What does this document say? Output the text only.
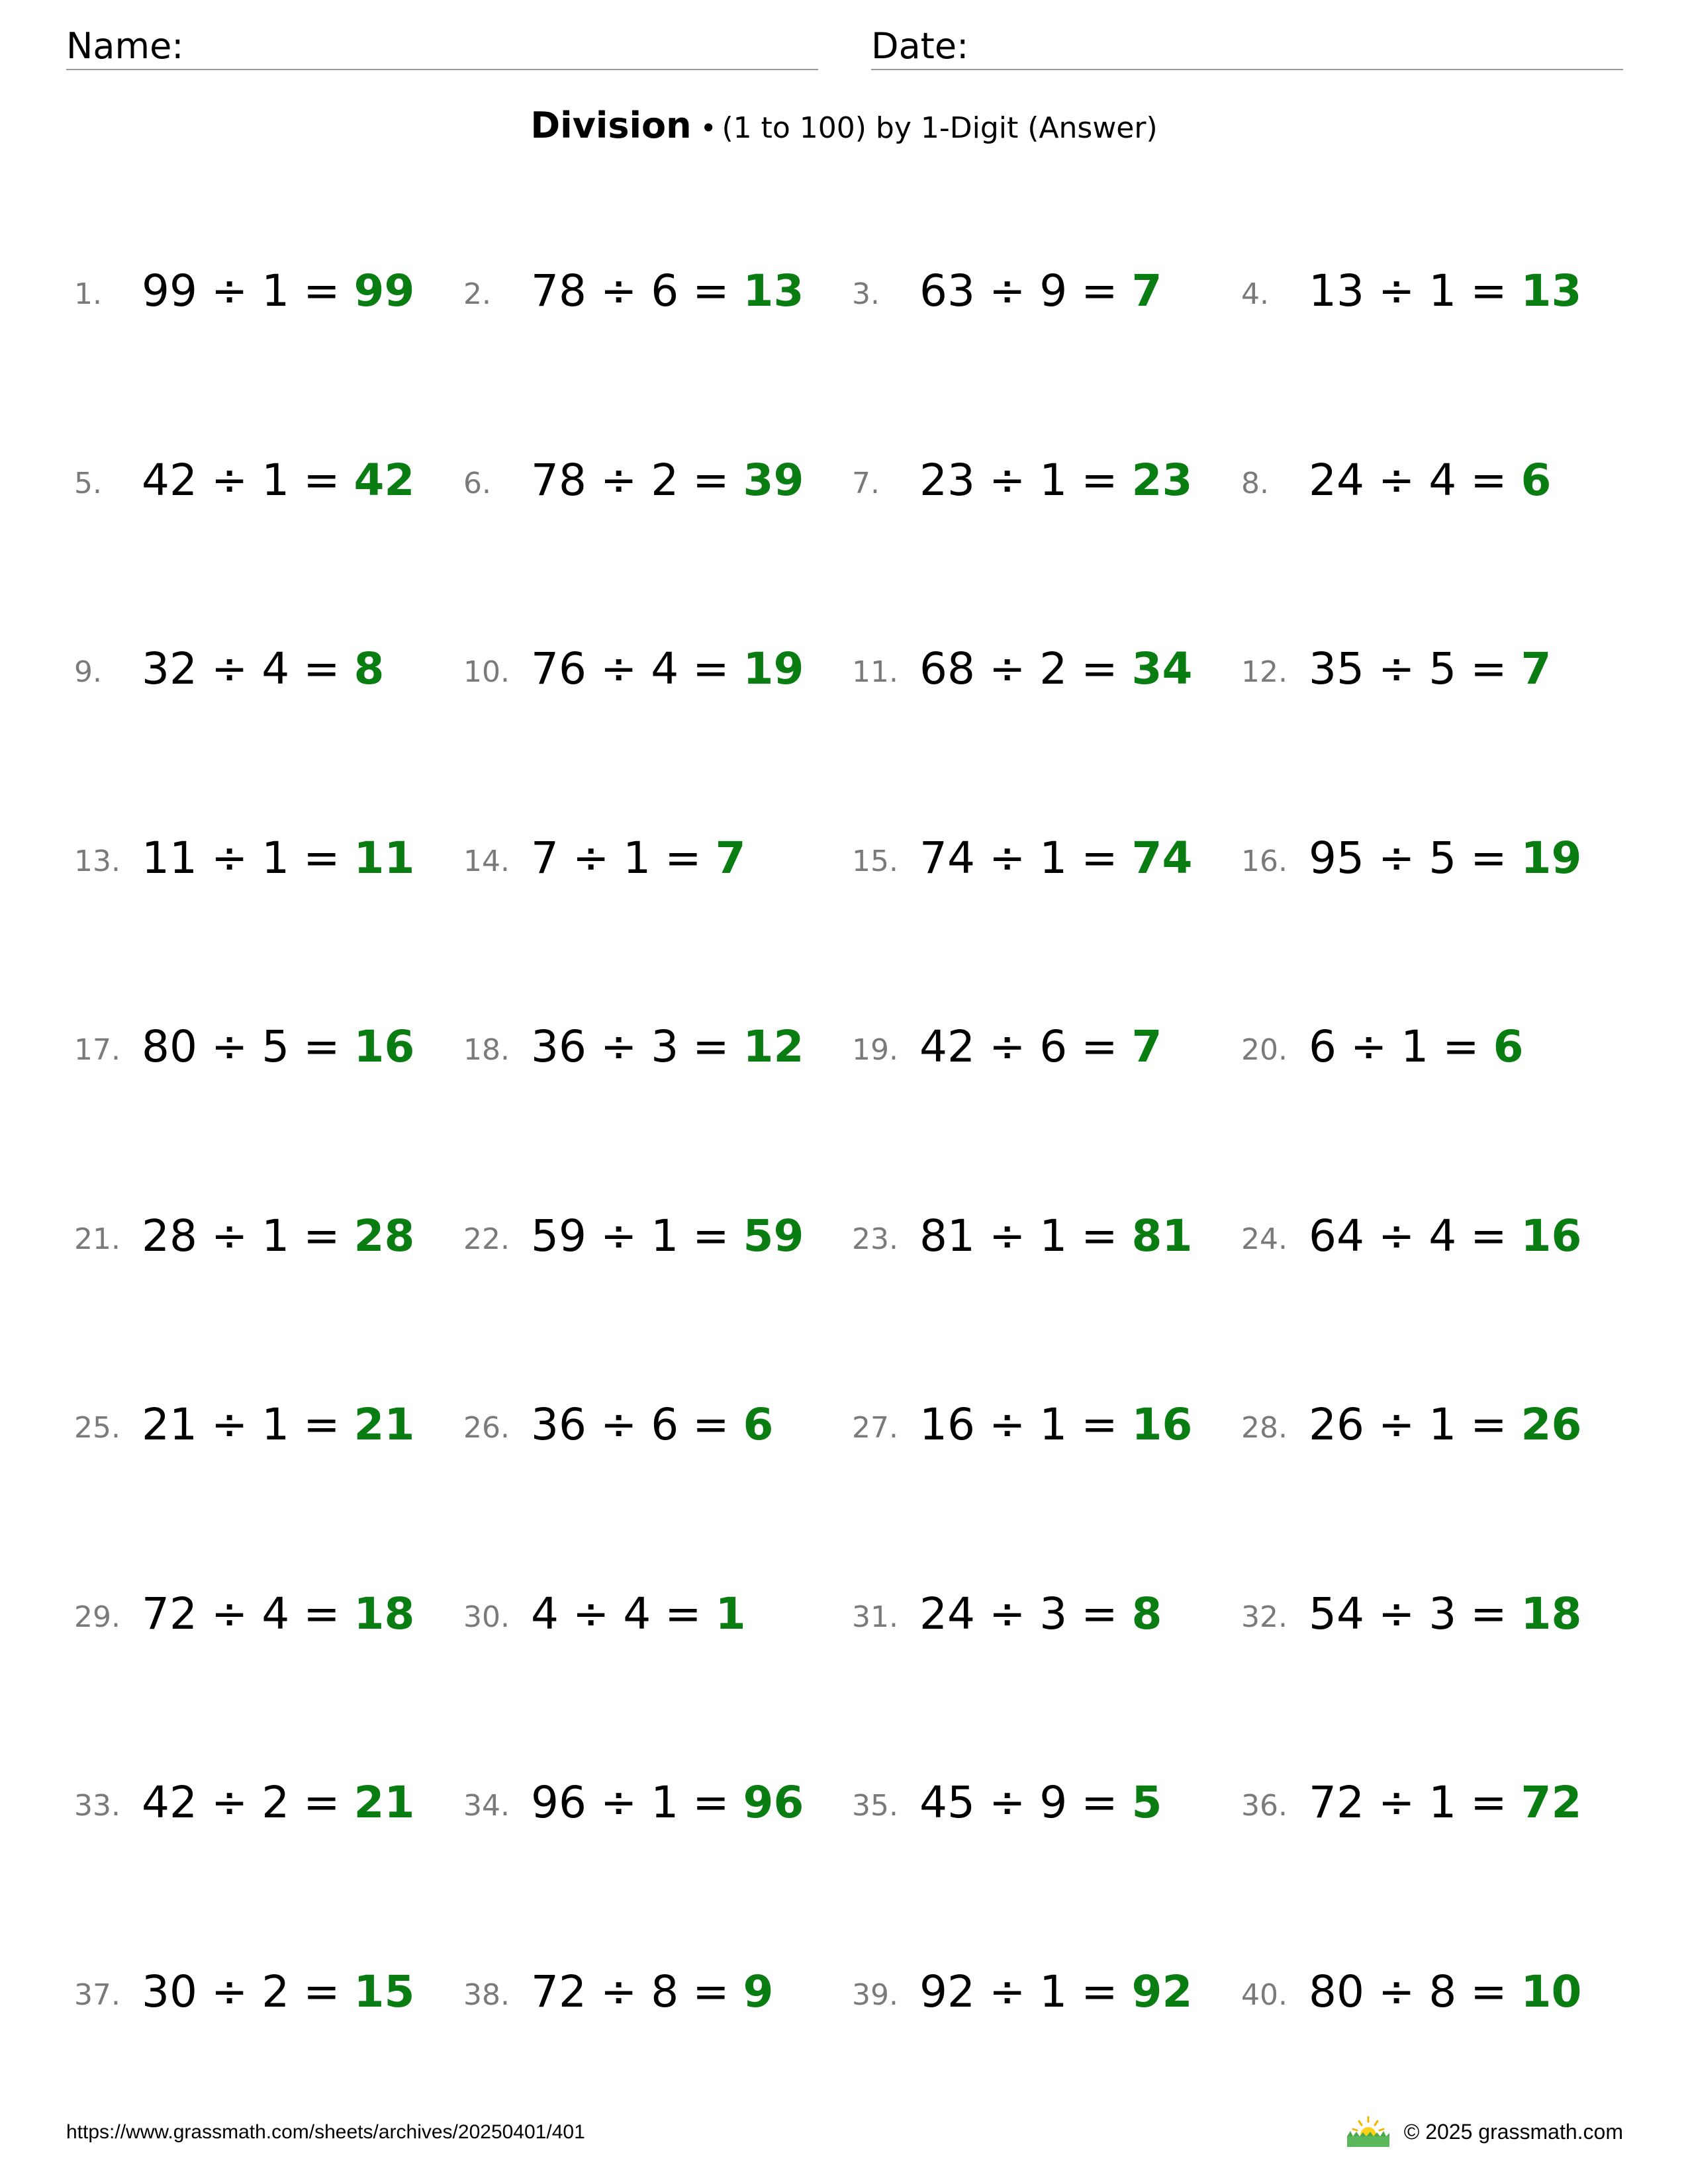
Name:	Date:
Division • (1 to 100) by 1-Digit (Answer)
1. 99 ÷ 1 = 99 2. 78 ÷ 6 = 13 3. 63 ÷ 9 = 7	4. 13 ÷ 1 = 13
5. 42 ÷ 1 = 42 6. 78 ÷ 2 = 39 7. 23 ÷ 1 = 23 8. 24 ÷ 4 = 6
9. 32 ÷ 4 = 8	10. 76 ÷ 4 = 19 11. 68 ÷ 2 = 34 12. 35 ÷ 5 = 7
13. 11 ÷ 1 = 11 14. 7 ÷ 1 = 7	15. 74 ÷ 1 = 74 16. 95 ÷ 5 = 19
17. 80 ÷ 5 = 16 18. 36 ÷ 3 = 12 19. 42 ÷ 6 = 7	20. 6 ÷ 1 = 6
21. 28 ÷ 1 = 28 22. 59 ÷ 1 = 59 23. 81 ÷ 1 = 81 24. 64 ÷ 4 = 16
25. 21 ÷ 1 = 21 26. 36 ÷ 6 = 6	27. 16 ÷ 1 = 16 28. 26 ÷ 1 = 26
29. 72 ÷ 4 = 18 30. 4 ÷ 4 = 1	31. 24 ÷ 3 = 8	32. 54 ÷ 3 = 18
33. 42 ÷ 2 = 21 34. 96 ÷ 1 = 96 35. 45 ÷ 9 = 5	36. 72 ÷ 1 = 72
37. 30 ÷ 2 = 15 38. 72 ÷ 8 = 9	39. 92 ÷ 1 = 92 40. 80 ÷ 8 = 10
https://www.grassmath.com/sheets/archives/20250401/401	© 2025 grassmath.com
